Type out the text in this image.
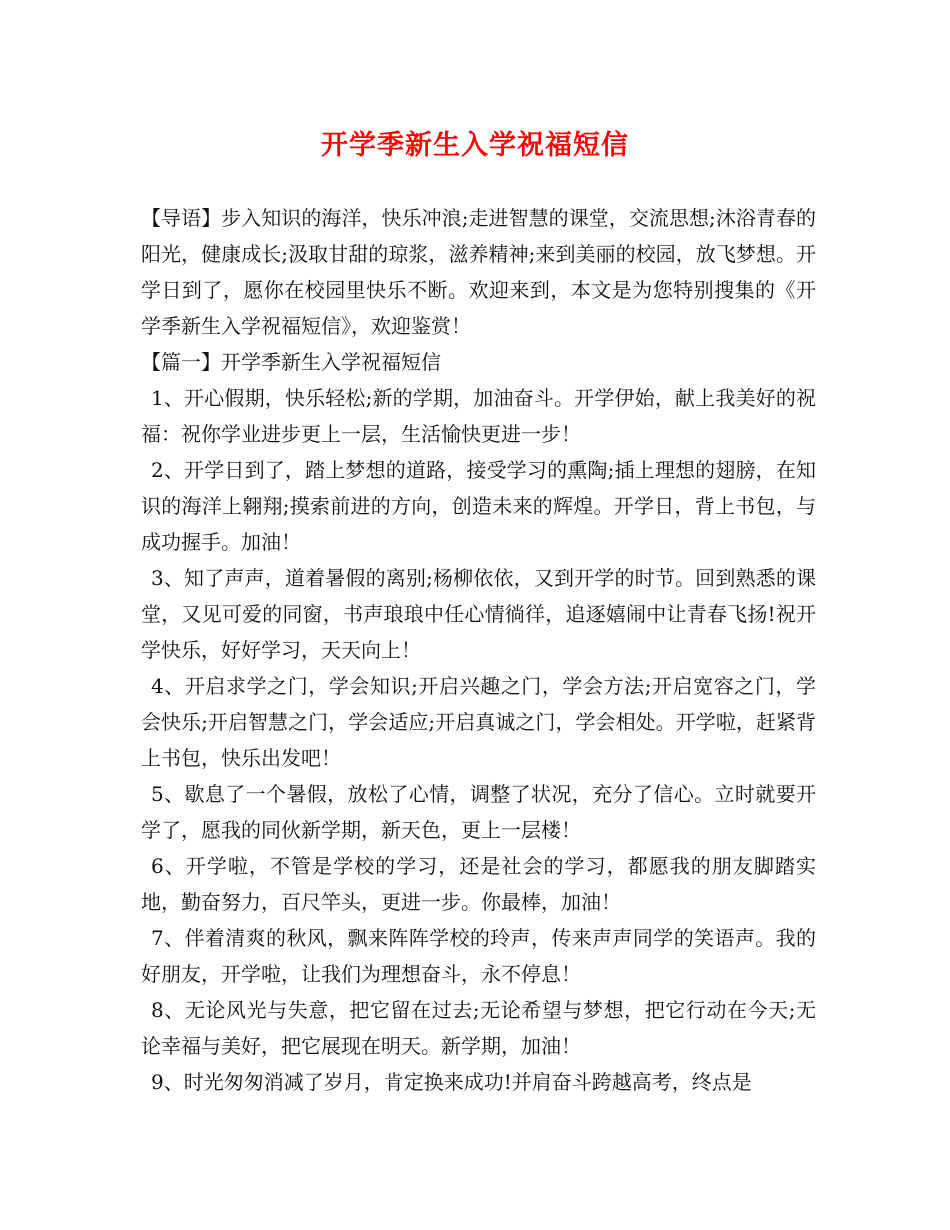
开学季新生入学祝福短信

【导语】步入知识的海洋，快乐冲浪;走进智慧的课堂，交流思想;沐浴青春的阳光，健康成长;汲取甘甜的琼浆，滋养精神;来到美丽的校园，放飞梦想。开学日到了，愿你在校园里快乐不断。欢迎来到，本文是为您特别搜集的《开学季新生入学祝福短信》，欢迎鉴赏！

【篇一】开学季新生入学祝福短信

1、开心假期，快乐轻松;新的学期，加油奋斗。开学伊始，献上我美好的祝福：祝你学业进步更上一层，生活愉快更进一步！

2、开学日到了，踏上梦想的道路，接受学习的熏陶;插上理想的翅膀，在知识的海洋上翱翔;摸索前进的方向，创造未来的辉煌。开学日，背上书包，与成功握手。加油！

3、知了声声，道着暑假的离别;杨柳依依，又到开学的时节。回到熟悉的课堂，又见可爱的同窗，书声琅琅中任心情徜徉，追逐嬉闹中让青春飞扬!祝开学快乐，好好学习，天天向上！

4、开启求学之门，学会知识;开启兴趣之门，学会方法;开启宽容之门，学会快乐;开启智慧之门，学会适应;开启真诚之门，学会相处。开学啦，赶紧背上书包，快乐出发吧！

5、歇息了一个暑假，放松了心情，调整了状况，充分了信心。立时就要开学了，愿我的同伙新学期，新天色，更上一层楼！

6、开学啦，不管是学校的学习，还是社会的学习，都愿我的朋友脚踏实地，勤奋努力，百尺竿头，更进一步。你最棒，加油！

7、伴着清爽的秋风，飘来阵阵学校的玲声，传来声声同学的笑语声。我的好朋友，开学啦，让我们为理想奋斗，永不停息！

8、无论风光与失意，把它留在过去;无论希望与梦想，把它行动在今天;无论幸福与美好，把它展现在明天。新学期，加油！

9、时光匆匆消减了岁月，肯定换来成功!并肩奋斗跨越高考，终点是
